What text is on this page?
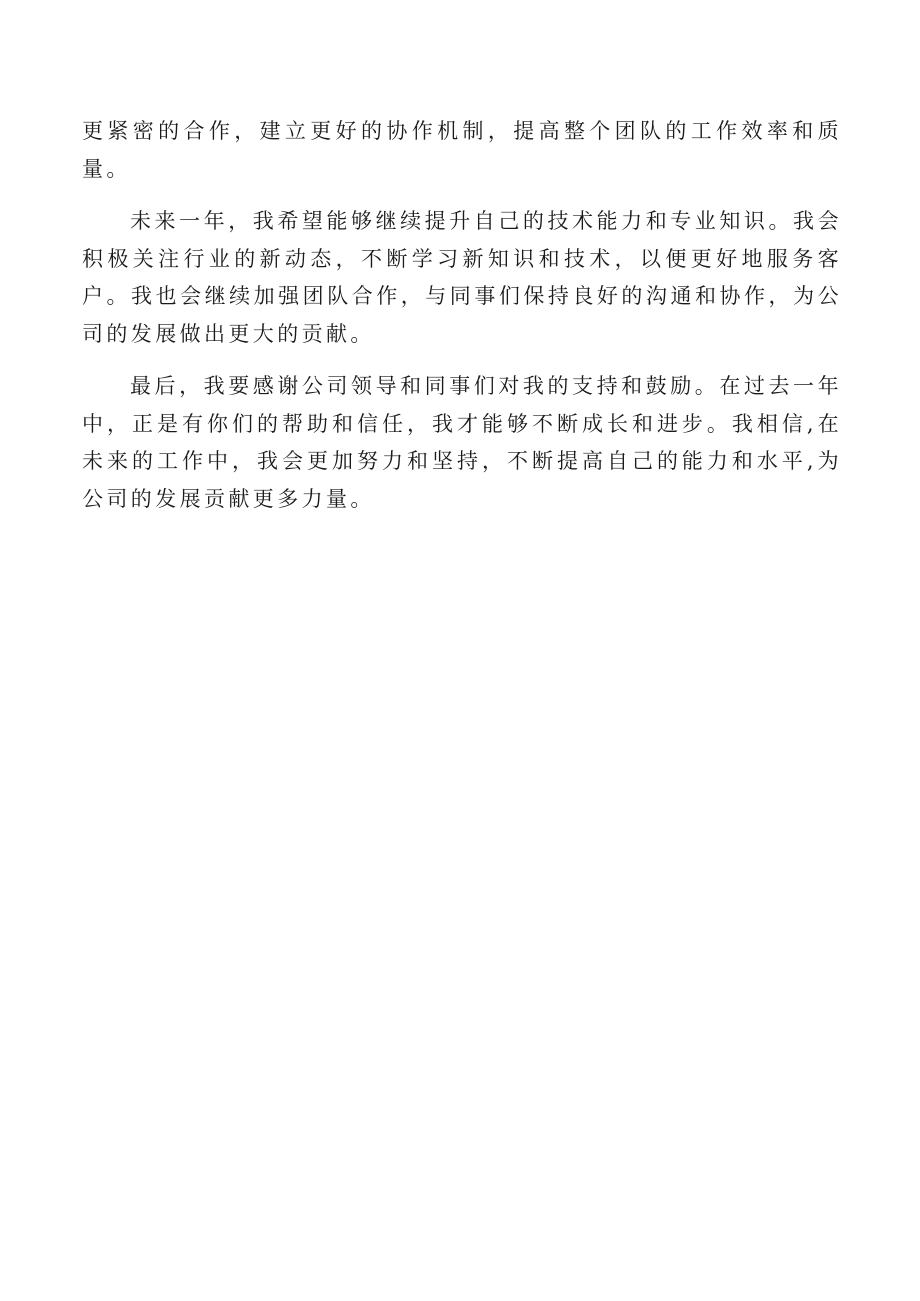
更紧密的合作，建立更好的协作机制，提高整个团队的工作效率和质量。

未来一年，我希望能够继续提升自己的技术能力和专业知识。我会积极关注行业的新动态，不断学习新知识和技术，以便更好地服务客户。我也会继续加强团队合作，与同事们保持良好的沟通和协作，为公司的发展做出更大的贡献。

最后，我要感谢公司领导和同事们对我的支持和鼓励。在过去一年中，正是有你们的帮助和信任，我才能够不断成长和进步。我相信,在未来的工作中，我会更加努力和坚持，不断提高自己的能力和水平,为公司的发展贡献更多力量。
